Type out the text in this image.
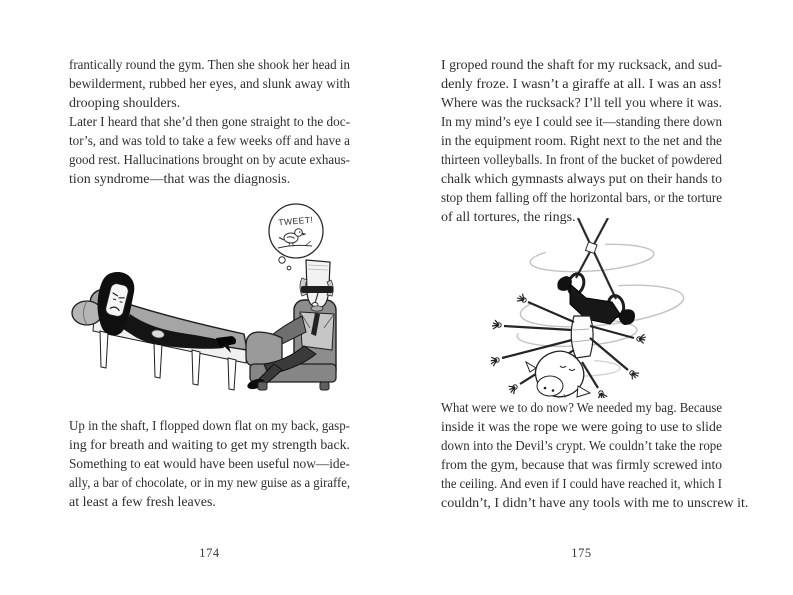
frantically round the gym. Then she shook her head in
bewilderment, rubbed her eyes, and slunk away with
drooping shoulders.
Later I heard that she’d then gone straight to the doc-
tor’s, and was told to take a few weeks off and have a
good rest. Hallucinations brought on by acute exhaus-
tion syndrome—that was the diagnosis.
TWEET!
Up in the shaft, I flopped down flat on my back, gasp-
ing for breath and waiting to get my strength back.
Something to eat would have been useful now—ide-
ally, a bar of chocolate, or in my new guise as a giraffe,
at least a few fresh leaves.
174
I groped round the shaft for my rucksack, and sud-
denly froze. I wasn’t a giraffe at all. I was an ass!
Where was the rucksack? I’ll tell you where it was.
In my mind’s eye I could see it—standing there down
in the equipment room. Right next to the net and the
thirteen volleyballs. In front of the bucket of powdered
chalk which gymnasts always put on their hands to
stop them falling off the horizontal bars, or the torture
of all tortures, the rings.
What were we to do now? We needed my bag. Because
inside it was the rope we were going to use to slide
down into the Devil’s crypt. We couldn’t take the rope
from the gym, because that was firmly screwed into
the ceiling. And even if I could have reached it, which I
couldn’t, I didn’t have any tools with me to unscrew it.
175
